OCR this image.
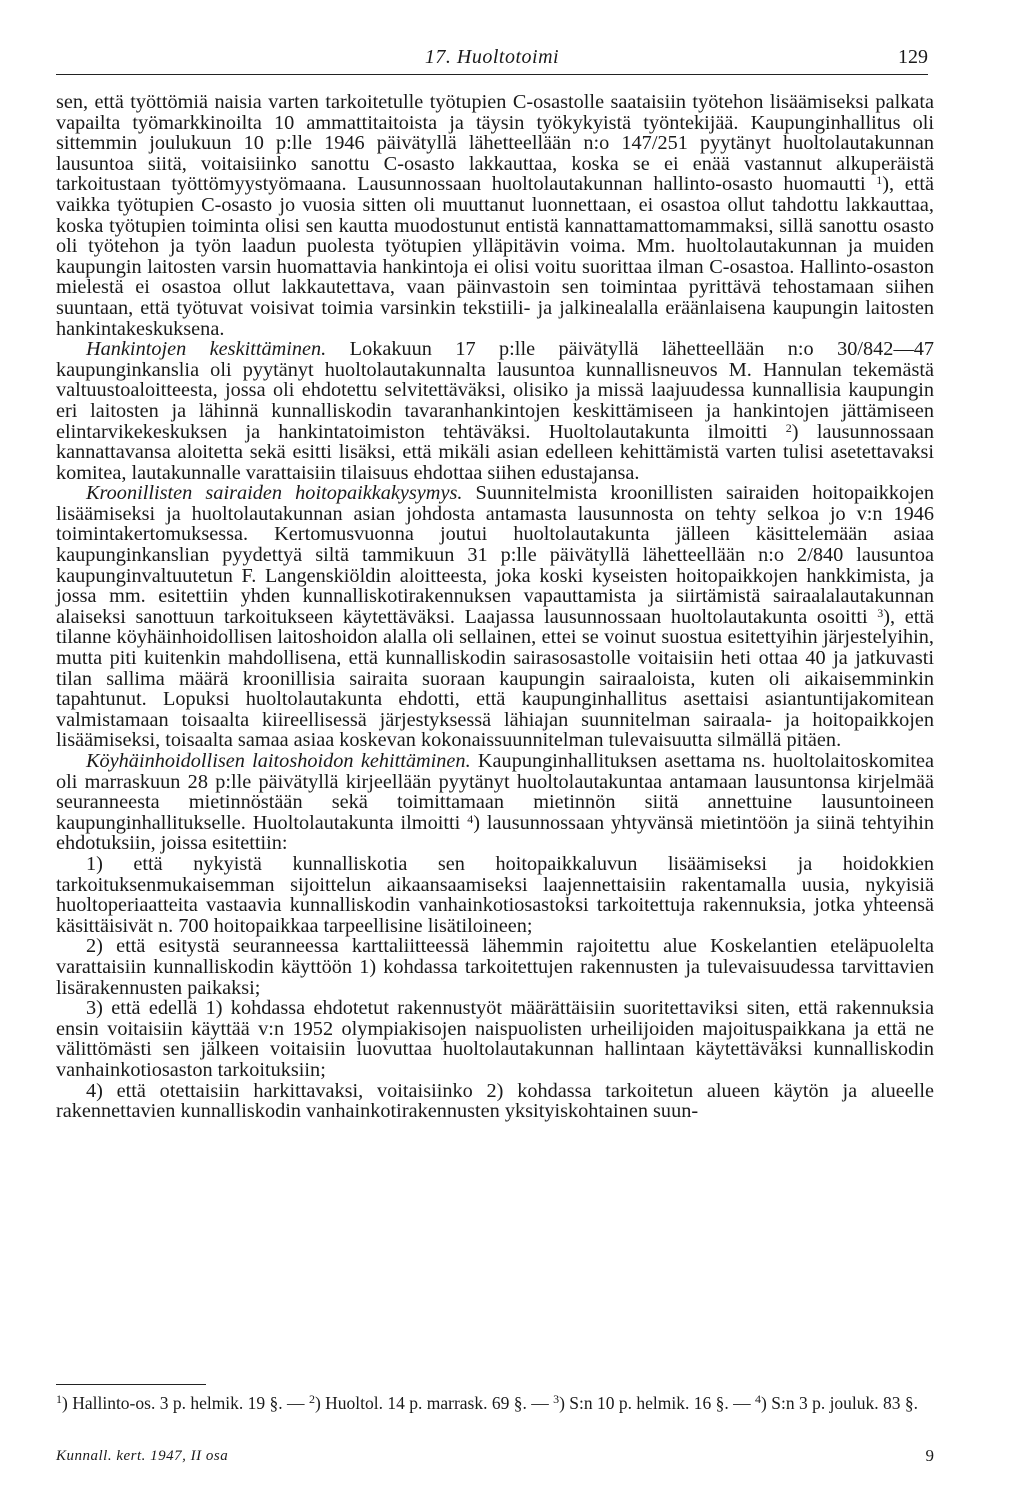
17. Huoltotoimi	129

sen, että työttömiä naisia varten tarkoitetulle työtupien C-osastolle saataisiin työtehon lisäämiseksi palkata vapailta työmarkkinoilta 10 ammattitaitoista ja täysin työkykyistä työntekijää. Kaupunginhallitus oli sittemmin joulukuun 10 p:lle 1946 päivätyllä lähetteellään n:o 147/251 pyytänyt huoltolautakunnan lausuntoa siitä, voitaisiinko sanottu C-osasto lakkauttaa, koska se ei enää vastannut alkuperäistä tarkoitustaan työttömyystyömaana. Lausunnossaan huoltolautakunnan hallinto-osasto huomautti $^1$), että vaikka työtupien C-osasto jo vuosia sitten oli muuttanut luonnettaan, ei osastoa ollut tahdottu lakkauttaa, koska työtupien toiminta olisi sen kautta muodostunut entistä kannattamattomammaksi, sillä sanottu osasto oli työtehon ja työn laadun puolesta työtupien ylläpitävin voima. Mm. huoltolautakunnan ja muiden kaupungin laitosten varsin huomattavia hankintoja ei olisi voitu suorittaa ilman C-osastoa. Hallinto-osaston mielestä ei osastoa ollut lakkautettava, vaan päinvastoin sen toimintaa pyrittävä tehostamaan siihen suuntaan, että työtuvat voisivat toimia varsinkin tekstiili- ja jalkinealalla eräänlaisena kaupungin laitosten hankintakeskuksena.

Hankintojen keskittäminen. Lokakuun 17 p:lle päivätyllä lähetteellään n:o 30/842—47 kaupunginkanslia oli pyytänyt huoltolautakunnalta lausuntoa kunnallisneuvos M. Hannulan tekemästä valtuustoaloitteesta, jossa oli ehdotettu selvitettäväksi, olisiko ja missä laajuudessa kunnallisia kaupungin eri laitosten ja lähinnä kunnalliskodin tavaranhankintojen keskittämiseen ja hankintojen jättämiseen elintarvikekeskuksen ja hankintatoimiston tehtäväksi. Huoltolautakunta ilmoitti $^2$) lausunnossaan kannattavansa aloitetta sekä esitti lisäksi, että mikäli asian edelleen kehittämistä varten tulisi asetettavaksi komitea, lautakunnalle varattaisiin tilaisuus ehdottaa siihen edustajansa.

Kroonillisten sairaiden hoitopaikkakysymys. Suunnitelmista kroonillisten sairaiden hoitopaikkojen lisäämiseksi ja huoltolautakunnan asian johdosta antamasta lausunnosta on tehty selkoa jo v:n 1946 toimintakertomuksessa. Kertomusvuonna joutui huoltolautakunta jälleen käsittelemään asiaa kaupunginkanslian pyydettyä siltä tammikuun 31 p:lle päivätyllä lähetteellään n:o 2/840 lausuntoa kaupunginvaltuutetun F. Langenskiöldin aloitteesta, joka koski kyseisten hoitopaikkojen hankkimista, ja jossa mm. esitettiin yhden kunnalliskotirakennuksen vapauttamista ja siirtämistä sairaalalautakunnan alaiseksi sanottuun tarkoitukseen käytettäväksi. Laajassa lausunnossaan huoltolautakunta osoitti $^3$), että tilanne köyhäinhoidollisen laitoshoidon alalla oli sellainen, ettei se voinut suostua esitettyihin järjestelyihin, mutta piti kuitenkin mahdollisena, että kunnalliskodin sairasosastolle voitaisiin heti ottaa 40 ja jatkuvasti tilan sallima määrä kroonillisia sairaita suoraan kaupungin sairaaloista, kuten oli aikaisemminkin tapahtunut. Lopuksi huoltolautakunta ehdotti, että kaupunginhallitus asettaisi asiantuntijakomitean valmistamaan toisaalta kiireellisessä järjestyksessä lähiajan suunnitelman sairaala- ja hoitopaikkojen lisäämiseksi, toisaalta samaa asiaa koskevan kokonaissuunnitelman tulevaisuutta silmällä pitäen.

Köyhäinhoidollisen laitoshoidon kehittäminen. Kaupunginhallituksen asettama ns. huoltolaitoskomitea oli marraskuun 28 p:lle päivätyllä kirjeellään pyytänyt huoltolautakuntaa antamaan lausuntonsa kirjelmää seuranneesta mietinnöstään sekä toimittamaan mietinnön siitä annettuine lausuntoineen kaupunginhallitukselle. Huoltolautakunta ilmoitti $^4$) lausunnossaan yhtyvänsä mietintöön ja siinä tehtyihin ehdotuksiin, joissa esitettiin:

1) että nykyistä kunnalliskotia sen hoitopaikkaluvun lisäämiseksi ja hoidokkien tarkoituksenmukaisemman sijoittelun aikaansaamiseksi laajennettaisiin rakentamalla uusia, nykyisiä huoltoperiaatteita vastaavia kunnalliskodin vanhainkotiosastoksi tarkoitettuja rakennuksia, jotka yhteensä käsittäisivät n. 700 hoitopaikkaa tarpeellisine lisätiloineen;

2) että esitystä seuranneessa karttaliitteessä lähemmin rajoitettu alue Koskelantien eteläpuolelta varattaisiin kunnalliskodin käyttöön 1) kohdassa tarkoitettujen rakennusten ja tulevaisuudessa tarvittavien lisärakennusten paikaksi;

3) että edellä 1) kohdassa ehdotetut rakennustyöt määrättäisiin suoritettaviksi siten, että rakennuksia ensin voitaisiin käyttää v:n 1952 olympiakisojen naispuolisten urheilijoiden majoituspaikkana ja että ne välittömästi sen jälkeen voitaisiin luovuttaa huoltolautakunnan hallintaan käytettäväksi kunnalliskodin vanhainkotiosaston tarkoituksiin;

4) että otettaisiin harkittavaksi, voitaisiinko 2) kohdassa tarkoitetun alueen käytön ja alueelle rakennettavien kunnalliskodin vanhainkotirakennusten yksityiskohtainen suun-

$^1$) Hallinto-os. 3 p. helmik. 19 §. — $^2$) Huoltol. 14 p. marrask. 69 §. — $^3$) S:n 10 p. helmik. 16 §. — $^4$) S:n 3 p. jouluk. 83 §.
Kunnall. kert. 1947, II osa	9
